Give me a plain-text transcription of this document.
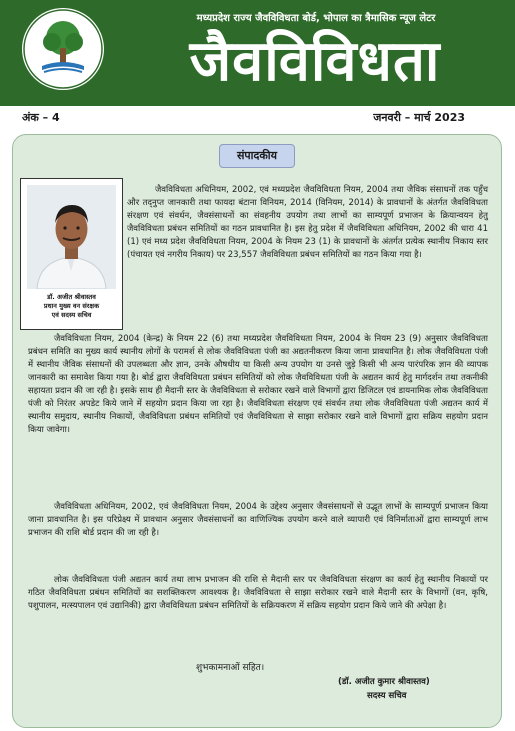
मध्यप्रदेश राज्य जैवविविधता बोर्ड, भोपाल का त्रैमासिक न्यूज लेटर
जैवविविधता
अंक – 4	जनवरी – मार्च 2023
संपादकीय
डॉ. अजीत श्रीवास्तव
प्रधान मुख्य वन संरक्षक
एवं सदस्य सचिव
जैवविविधता अधिनियम, 2002, एवं मध्यप्रदेश जैवविविधता नियम, 2004 तथा जैविक संसाधनों तक पहुँच और तद्नुप्त जानकारी तथा फायदा बंटाना विनियम, 2014 (विनियम, 2014) के प्रावधानों के अंतर्गत जैवविविधता संरक्षण एवं संवर्धन, जैवसंसाधनों का संवहनीय उपयोग तथा लाभों का साम्यपूर्ण प्रभाजन के क्रियान्वयन हेतु जैवविविधता प्रबंधन समितियों का गठन प्रावधानित है। इस हेतु प्रदेश में जैवविविधता अधिनियम, 2002 की धारा 41 (1) एवं मध्य प्रदेश जैवविविधता नियम, 2004 के नियम 23 (1) के प्रावधानों के अंतर्गत प्रत्येक स्थानीय निकाय स्तर (पंचायत एवं नगरीय निकाय) पर 23,557 जैवविविधता प्रबंधन समितियों का गठन किया गया है।
जैवविविधता नियम, 2004 (केन्द्र) के नियम 22 (6) तथा मध्यप्रदेश जैवविविधता नियम, 2004 के नियम 23 (9) अनुसार जैवविविधता प्रबंधन समिति का मुख्य कार्य स्थानीय लोगों के परामर्श से लोक जैवविविधता पंजी का अद्यतनीकरण किया जाना प्रावधानित है। लोक जैवविविधता पंजी में स्थानीय जैविक संसाधनों की उपलब्धता और ज्ञान, उनके औषधीय या किसी अन्य उपयोग या उनसे जुड़े किसी भी अन्य पारंपरिक ज्ञान की व्यापक जानकारी का समावेश किया गया है। बोर्ड द्वारा जैवविविधता प्रबंधन समितियों को लोक जैवविविधता पंजी के अद्यतन कार्य हेतु मार्गदर्शन तथा तकनीकी सहायता प्रदान की जा रही है। इसके साथ ही मैदानी स्तर के जैवविविधता से सरोकार रखने वाले विभागों द्वारा डिजिटल एवं डायनामिक लोक जैवविविधता पंजी को निरंतर अपडेट किये जाने में सहयोग प्रदान किया जा रहा है। जैवविविधता संरक्षण एवं संवर्धन तथा लोक जैवविविधता पंजी अद्यतन कार्य में स्थानीय समुदाय, स्थानीय निकायों, जैवविविधता प्रबंधन समितियों एवं जैवविविधता से साझा सरोकार रखने वाले विभागों द्वारा सक्रिय सहयोग प्रदान किया जावेगा।
जैवविविधता अधिनियम, 2002, एवं जैवविविधता नियम, 2004 के उद्देश्य अनुसार जैवसंसाधनों से उद्भूत लाभों के साम्यपूर्ण प्रभाजन किया जाना प्रावधानित है। इस परिप्रेक्ष्य में प्रावधान अनुसार जैवसंसाधनों का वाणिज्यिक उपयोग करने वाले व्यापारी एवं विनिर्माताओं द्वारा साम्यपूर्ण लाभ प्रभाजन की राशि बोर्ड प्रदान की जा रही है।
लोक जैवविविधता पंजी अद्यतन कार्य तथा लाभ प्रभाजन की राशि से मैदानी स्तर पर जैवविविधता संरक्षण का कार्य हेतु स्थानीय निकायों पर गठित जैवविविधता प्रबंधन समितियों का सशक्तिकरण आवश्यक है। जैवविविधता से साझा सरोकार रखने वाले मैदानी स्तर के विभागों (वन, कृषि, पशुपालन, मत्स्यपालन एवं उद्यानिकी) द्वारा जैवविविधता प्रबंधन समितियों के सक्रियकरण में सक्रिय सहयोग प्रदान किये जाने की अपेक्षा है।
शुभकामनाओं सहित।
(डॉ. अजीत कुमार श्रीवास्तव)
सदस्य सचिव
